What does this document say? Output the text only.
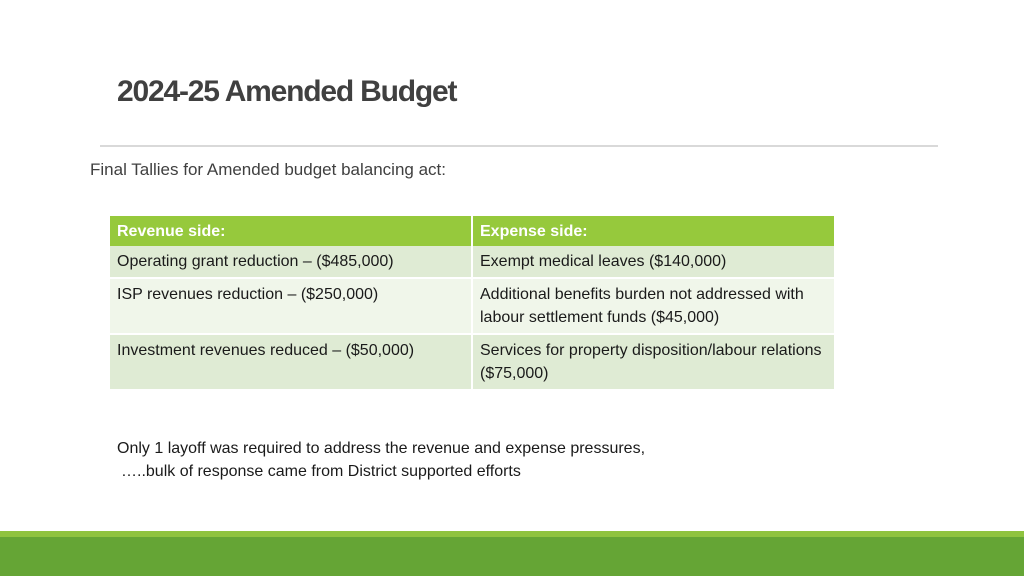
2024-25 Amended Budget
Final Tallies for Amended budget balancing act:
Revenue side:	Expense side:
Operating grant reduction – ($485,000)	Exempt medical leaves ($140,000)
ISP revenues reduction – ($250,000)	Additional benefits burden not addressed with labour settlement funds ($45,000)
Investment revenues reduced – ($50,000)	Services for property disposition/labour relations ($75,000)
Only 1 layoff was required to address the revenue and expense pressures,
…..bulk of response came from District supported efforts
